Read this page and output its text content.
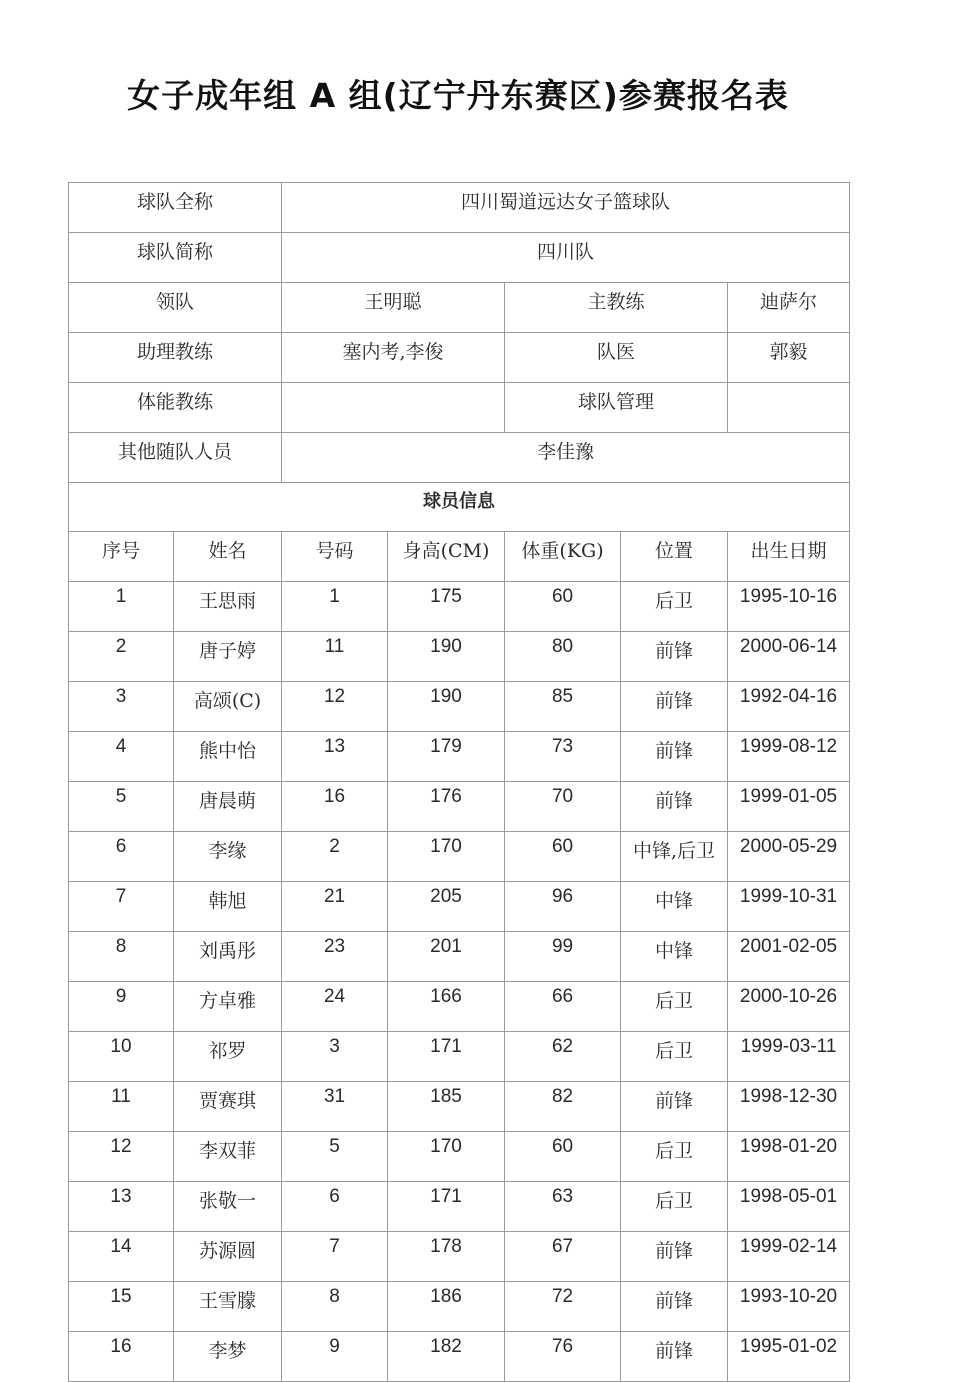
女子成年组 A 组(辽宁丹东赛区)参赛报名表
球队全称		四川蜀道远达女子篮球队				
球队简称		四川队				
领队		王明聪		主教练		迪萨尔
助理教练		塞内考,李俊		队医		郭毅
体能教练				球队管理		
其他随队人员		李佳豫				
球员信息						
序号	姓名	号码	身高(CM)	体重(KG)	位置	出生日期
1	王思雨	1	175	60	后卫	1995-10-16
2	唐子婷	11	190	80	前锋	2000-06-14
3	高颂(C)	12	190	85	前锋	1992-04-16
4	熊中怡	13	179	73	前锋	1999-08-12
5	唐晨萌	16	176	70	前锋	1999-01-05
6	李缘	2	170	60	中锋,后卫	2000-05-29
7	韩旭	21	205	96	中锋	1999-10-31
8	刘禹彤	23	201	99	中锋	2001-02-05
9	方卓雅	24	166	66	后卫	2000-10-26
10	祁罗	3	171	62	后卫	1999-03-11
11	贾赛琪	31	185	82	前锋	1998-12-30
12	李双菲	5	170	60	后卫	1998-01-20
13	张敬一	6	171	63	后卫	1998-05-01
14	苏源圆	7	178	67	前锋	1999-02-14
15	王雪朦	8	186	72	前锋	1993-10-20
16	李梦	9	182	76	前锋	1995-01-02
